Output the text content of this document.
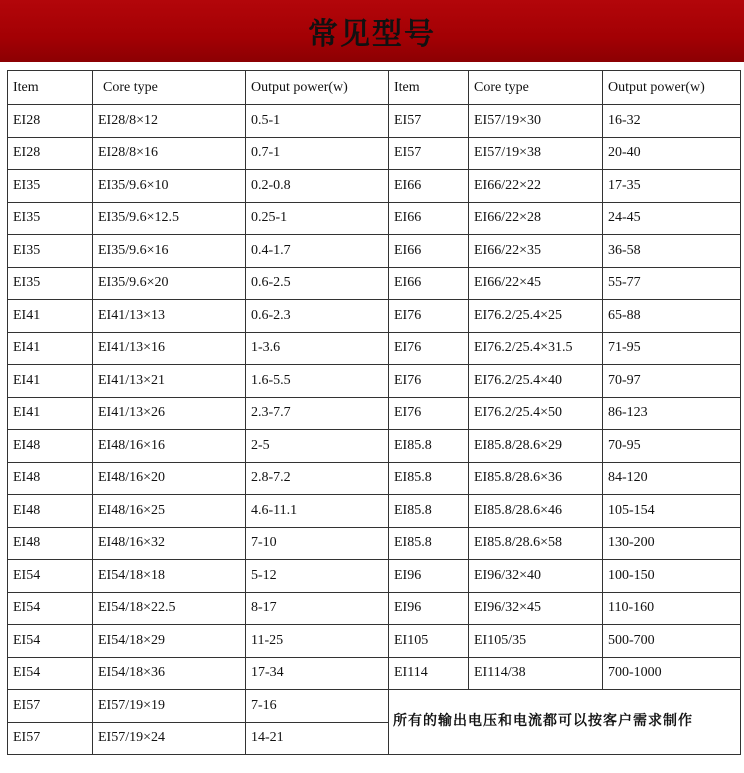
常见型号
Item	Core type	Output power(w)	Item	Core type	Output power(w)
EI28	EI28/8×12	0.5-1	EI57	EI57/19×30	16-32
EI28	EI28/8×16	0.7-1	EI57	EI57/19×38	20-40
EI35	EI35/9.6×10	0.2-0.8	EI66	EI66/22×22	17-35
EI35	EI35/9.6×12.5	0.25-1	EI66	EI66/22×28	24-45
EI35	EI35/9.6×16	0.4-1.7	EI66	EI66/22×35	36-58
EI35	EI35/9.6×20	0.6-2.5	EI66	EI66/22×45	55-77
EI41	EI41/13×13	0.6-2.3	EI76	EI76.2/25.4×25	65-88
EI41	EI41/13×16	1-3.6	EI76	EI76.2/25.4×31.5	71-95
EI41	EI41/13×21	1.6-5.5	EI76	EI76.2/25.4×40	70-97
EI41	EI41/13×26	2.3-7.7	EI76	EI76.2/25.4×50	86-123
EI48	EI48/16×16	2-5	EI85.8	EI85.8/28.6×29	70-95
EI48	EI48/16×20	2.8-7.2	EI85.8	EI85.8/28.6×36	84-120
EI48	EI48/16×25	4.6-11.1	EI85.8	EI85.8/28.6×46	105-154
EI48	EI48/16×32	7-10	EI85.8	EI85.8/28.6×58	130-200
EI54	EI54/18×18	5-12	EI96	EI96/32×40	100-150
EI54	EI54/18×22.5	8-17	EI96	EI96/32×45	110-160
EI54	EI54/18×29	11-25	EI105	EI105/35	500-700
EI54	EI54/18×36	17-34	EI114	EI114/38	700-1000
EI57	EI57/19×19	7-16	所有的输出电压和电流都可以按客户需求制作		
EI57	EI57/19×24	14-21			
